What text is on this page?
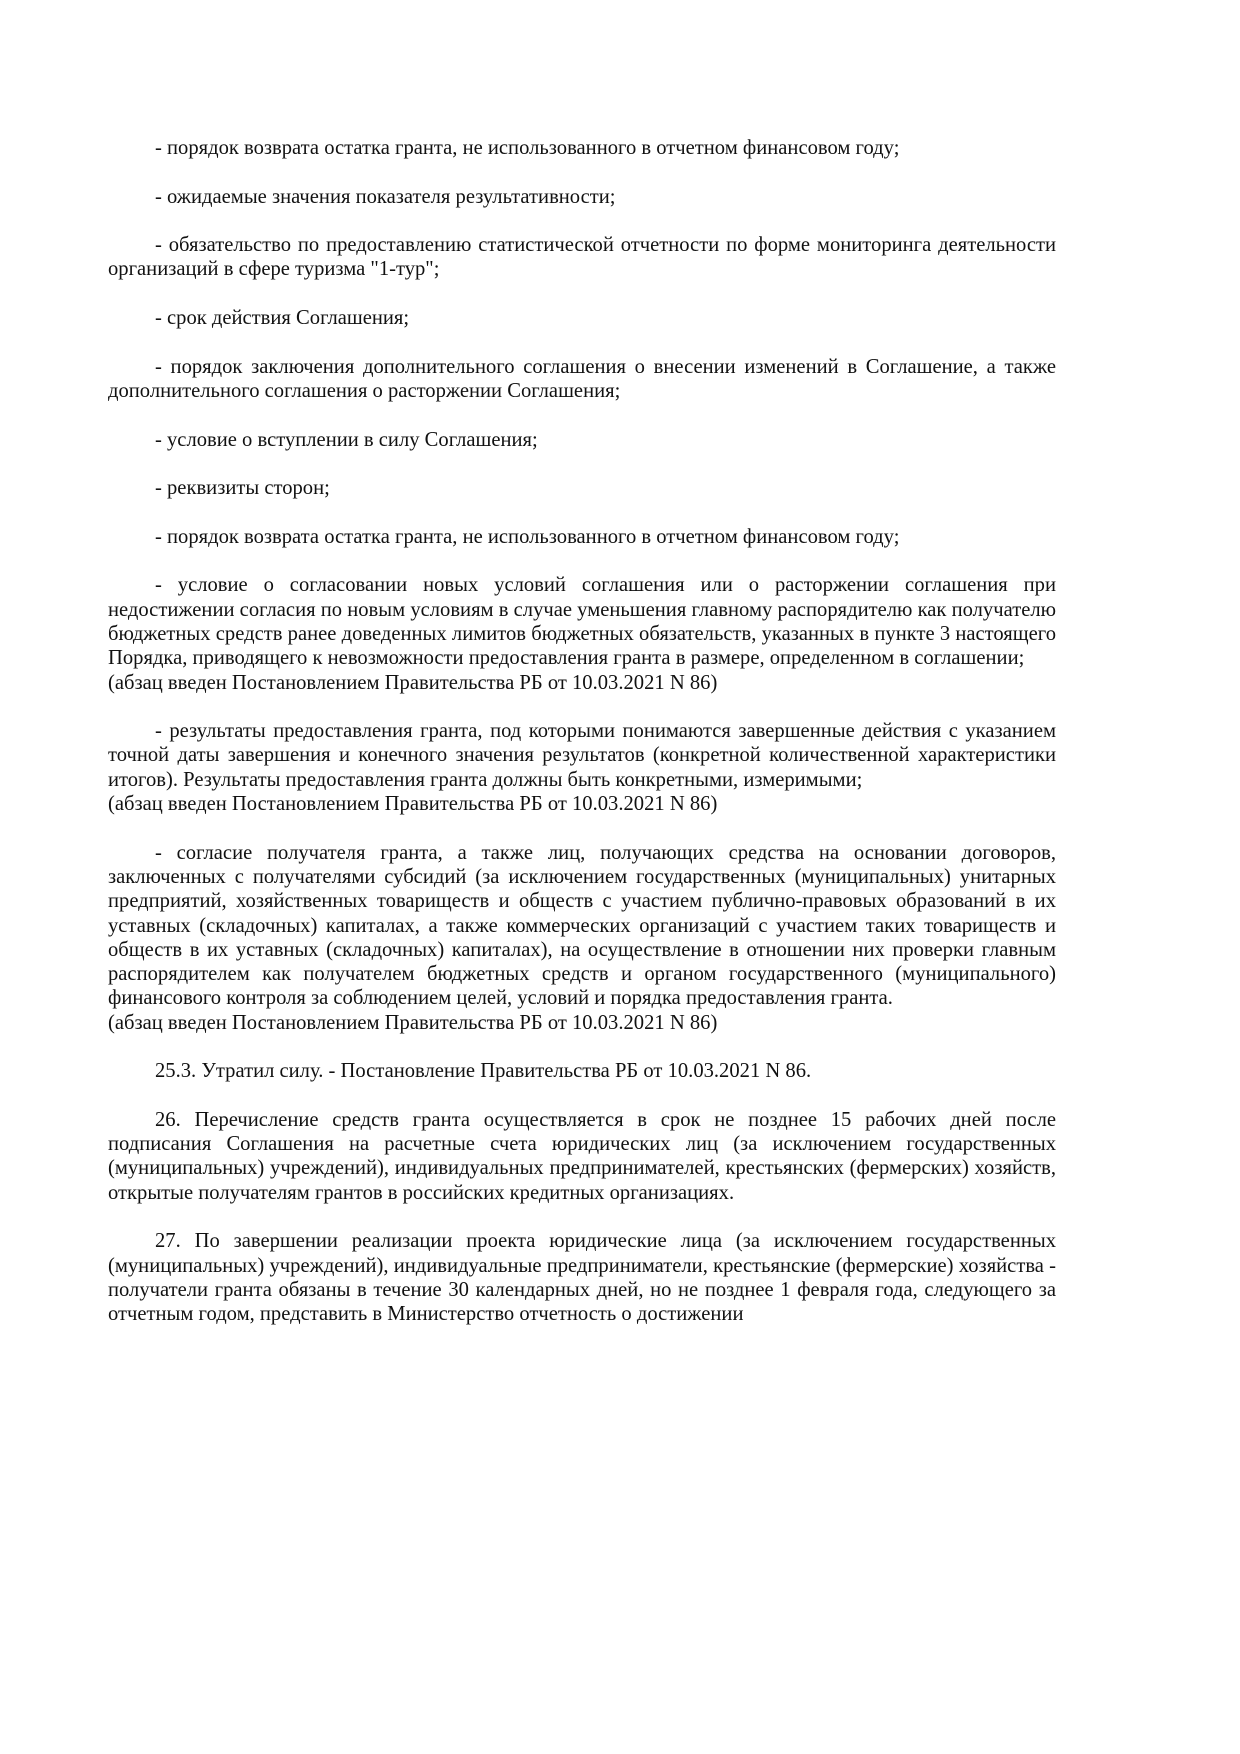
- порядок возврата остатка гранта, не использованного в отчетном финансовом году;

- ожидаемые значения показателя результативности;

- обязательство по предоставлению статистической отчетности по форме мониторинга деятельности организаций в сфере туризма "1-тур";

- срок действия Соглашения;

- порядок заключения дополнительного соглашения о внесении изменений в Соглашение, а также дополнительного соглашения о расторжении Соглашения;

- условие о вступлении в силу Соглашения;

- реквизиты сторон;

- порядок возврата остатка гранта, не использованного в отчетном финансовом году;

- условие о согласовании новых условий соглашения или о расторжении соглашения при недостижении согласия по новым условиям в случае уменьшения главному распорядителю как получателю бюджетных средств ранее доведенных лимитов бюджетных обязательств, указанных в пункте 3 настоящего Порядка, приводящего к невозможности предоставления гранта в размере, определенном в соглашении;

(абзац введен Постановлением Правительства РБ от 10.03.2021 N 86)

- результаты предоставления гранта, под которыми понимаются завершенные действия с указанием точной даты завершения и конечного значения результатов (конкретной количественной характеристики итогов). Результаты предоставления гранта должны быть конкретными, измеримыми;

(абзац введен Постановлением Правительства РБ от 10.03.2021 N 86)

- согласие получателя гранта, а также лиц, получающих средства на основании договоров, заключенных с получателями субсидий (за исключением государственных (муниципальных) унитарных предприятий, хозяйственных товариществ и обществ с участием публично-правовых образований в их уставных (складочных) капиталах, а также коммерческих организаций с участием таких товариществ и обществ в их уставных (складочных) капиталах), на осуществление в отношении них проверки главным распорядителем как получателем бюджетных средств и органом государственного (муниципального) финансового контроля за соблюдением целей, условий и порядка предоставления гранта.

(абзац введен Постановлением Правительства РБ от 10.03.2021 N 86)

25.3. Утратил силу. - Постановление Правительства РБ от 10.03.2021 N 86.

26. Перечисление средств гранта осуществляется в срок не позднее 15 рабочих дней после подписания Соглашения на расчетные счета юридических лиц (за исключением государственных (муниципальных) учреждений), индивидуальных предпринимателей, крестьянских (фермерских) хозяйств, открытые получателям грантов в российских кредитных организациях.

27. По завершении реализации проекта юридические лица (за исключением государственных (муниципальных) учреждений), индивидуальные предприниматели, крестьянские (фермерские) хозяйства - получатели гранта обязаны в течение 30 календарных дней, но не позднее 1 февраля года, следующего за отчетным годом, представить в Министерство отчетность о достижении
